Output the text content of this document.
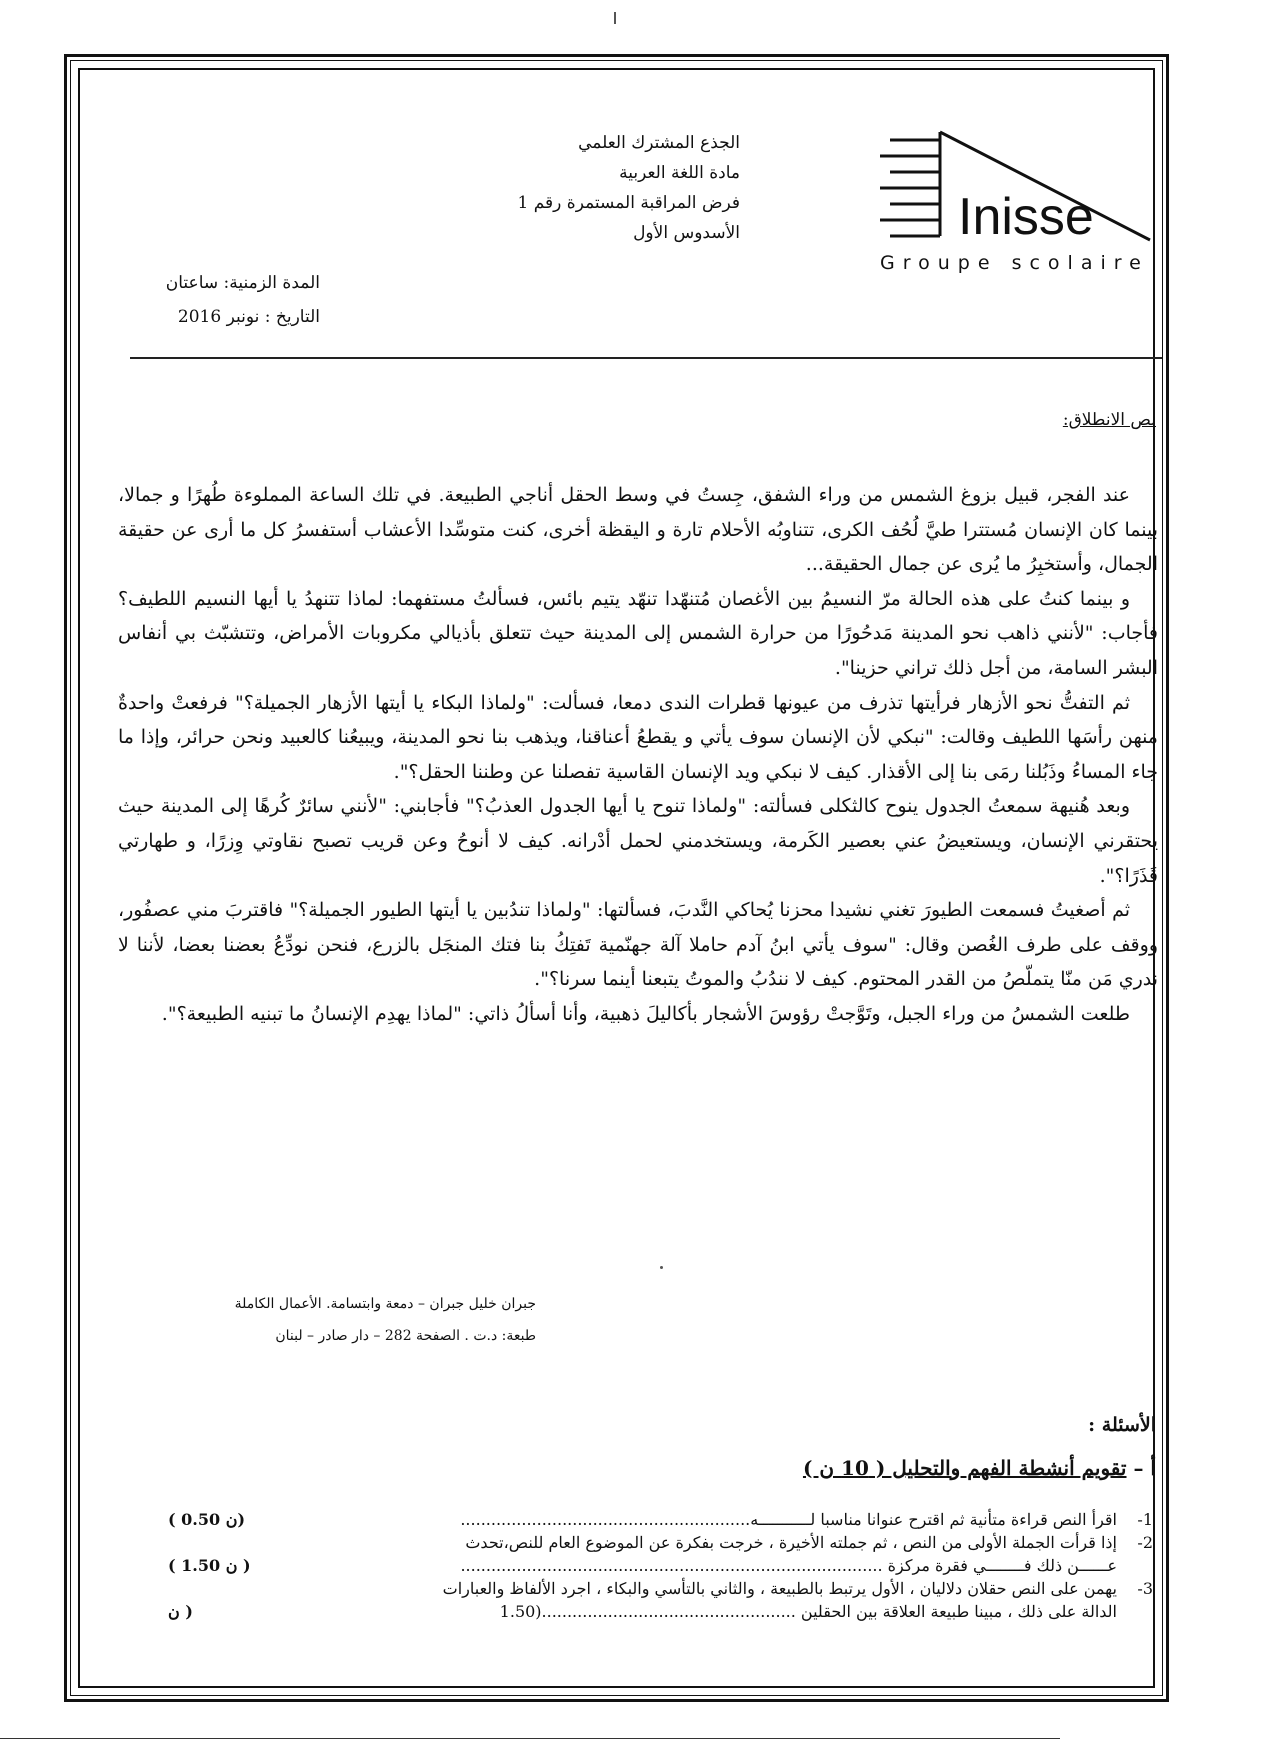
Inisse
Groupe scolaire
الجذع المشترك العلمي
مادة اللغة العربية
فرض المراقبة المستمرة رقم 1
الأسدوس الأول
المدة الزمنية: ساعتان
التاريخ : نونبر 2016
نص الانطلاق:

عند الفجر، قبيل بزوغ الشمس من وراء الشفق، جِستُ في وسط الحقل أناجي الطبيعة. في تلك الساعة المملوءة طُهرًا و جمالا، بينما كان الإنسان مُستترا طيَّ لُحُف الكرى، تتناوبُه الأحلام تارة و اليقظة أخرى، كنت متوسِّدا الأعشاب أستفسرُ كل ما أرى عن حقيقة الجمال، وأستخبِرُ ما يُرى عن جمال الحقيقة...

و بينما كنتُ على هذه الحالة مرّ النسيمُ بين الأغصان مُتنهّدا تنهّد يتيم بائس، فسألتُ مستفهما: لماذا تتنهدُ يا أيها النسيم اللطيف؟ فأجاب: "لأنني ذاهب نحو المدينة مَدحُورًا من حرارة الشمس إلى المدينة حيث تتعلق بأذيالي مكروبات الأمراض، وتتشبّث بي أنفاس البشر السامة، من أجل ذلك تراني حزينا".

ثم التفتُّ نحو الأزهار فرأيتها تذرف من عيونها قطرات الندى دمعا، فسألت: "ولماذا البكاء يا أيتها الأزهار الجميلة؟" فرفعتْ واحدةٌ منهن رأسَها اللطيف وقالت: "نبكي لأن الإنسان سوف يأتي و يقطعُ أعناقنا، ويذهب بنا نحو المدينة، ويبيعُنا كالعبيد ونحن حرائر، وإذا ما جاء المساءُ وذَبُلنا رمَى بنا إلى الأقذار. كيف لا نبكي ويد الإنسان القاسية تفصلنا عن وطننا الحقل؟".

وبعد هُنيهة سمعتُ الجدول ينوح كالثكلى فسألته: "ولماذا تنوح يا أيها الجدول العذبُ؟" فأجابني: "لأنني سائرٌ كُرهًا إلى المدينة حيث يحتقرني الإنسان، ويستعيضُ عني بعصير الكَرمة، ويستخدمني لحمل أدْرانه. كيف لا أنوحُ وعن قريب تصبح نقاوتي وِزرًا، و طهارتي قَذَرًا؟".

ثم أصغيتُ فسمعت الطيورَ تغني نشيدا محزنا يُحاكي النَّدبَ، فسألتها: "ولماذا تندُبين يا أيتها الطيور الجميلة؟" فاقتربَ مني عصفُور، ووقف على طرف الغُصن وقال: "سوف يأتي ابنُ آدم حاملا آلة جهنّمية تَفتِكُ بنا فتك المنجَل بالزرع، فنحن نودِّعُ بعضنا بعضا، لأننا لا ندري مَن منّا يتملّصُ من القدر المحتوم. كيف لا نندُبُ والموتُ يتبعنا أينما سرنا؟".

طلعت الشمسُ من وراء الجبل، وتَوَّجتْ رؤوسَ الأشجار بأكاليلَ ذهبية، وأنا أسألُ ذاتي: "لماذا يهدِم الإنسانُ ما تبنيه الطبيعة؟".

جبران خليل جبران – دمعة وابتسامة. الأعمال الكاملة
طبعة: د.ت . الصفحة 282 – دار صادر – لبنان
الأسئلة :
أ – تقويم أنشطة الفهم والتحليل ( 10 ن )
-1
اقرأ النص قراءة متأنية ثم اقترح عنوانا مناسبا لـــــــــــه.........................................................
( 0.50 ن)
-2
إذا قرأت الجملة الأولى من النص ، ثم جملته الأخيرة ، خرجت بفكرة عن الموضوع العام للنص،تحدث
عــــــن ذلك فــــــــي فقرة مركزة ...................................................................................
( 1.50 ن )
-3
يهمن على النص حقلان دلاليان ، الأول يرتبط بالطبيعة ، والثاني بالتأسي والبكاء ، اجرد الألفاظ والعبارات
الدالة على ذلك ، مبينا طبيعة العلاقة بين الحقلين ..................................................(1.50
ن )
